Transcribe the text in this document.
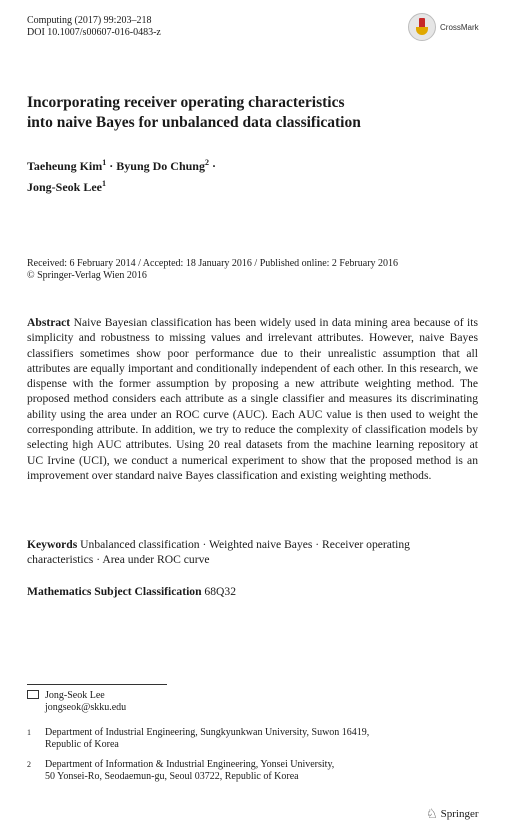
Computing (2017) 99:203–218
DOI 10.1007/s00607-016-0483-z	CrossMark
Incorporating receiver operating characteristics
into naive Bayes for unbalanced data classification
Taeheung Kim$^1$ · Byung Do Chung$^2$ ·
Jong-Seok Lee$^1$
Received: 6 February 2014 / Accepted: 18 January 2016 / Published online: 2 February 2016
© Springer-Verlag Wien 2016
Abstract Naive Bayesian classification has been widely used in data mining area because of its simplicity and robustness to missing values and irrelevant attributes. However, naive Bayes classifiers sometimes show poor performance due to their unrealistic assumption that all attributes are equally important and conditionally independent of each other. In this research, we dispense with the former assumption by proposing a new attribute weighting method. The proposed method considers each attribute as a single classifier and measures its discriminating ability using the area under an ROC curve (AUC). Each AUC value is then used to weight the corresponding attribute. In addition, we try to reduce the complexity of classification models by selecting high AUC attributes. Using 20 real datasets from the machine learning repository at UC Irvine (UCI), we conduct a numerical experiment to show that the proposed method is an improvement over standard naive Bayes classification and existing weighting methods.
Keywords Unbalanced classification · Weighted naive Bayes · Receiver operating characteristics · Area under ROC curve
Mathematics Subject Classification 68Q32
Jong-Seok Lee
jongseok@skku.edu
1 Department of Industrial Engineering, Sungkyunkwan University, Suwon 16419,
Republic of Korea
2 Department of Information & Industrial Engineering, Yonsei University,
50 Yonsei-Ro, Seodaemun-gu, Seoul 03722, Republic of Korea
♘ Springer
